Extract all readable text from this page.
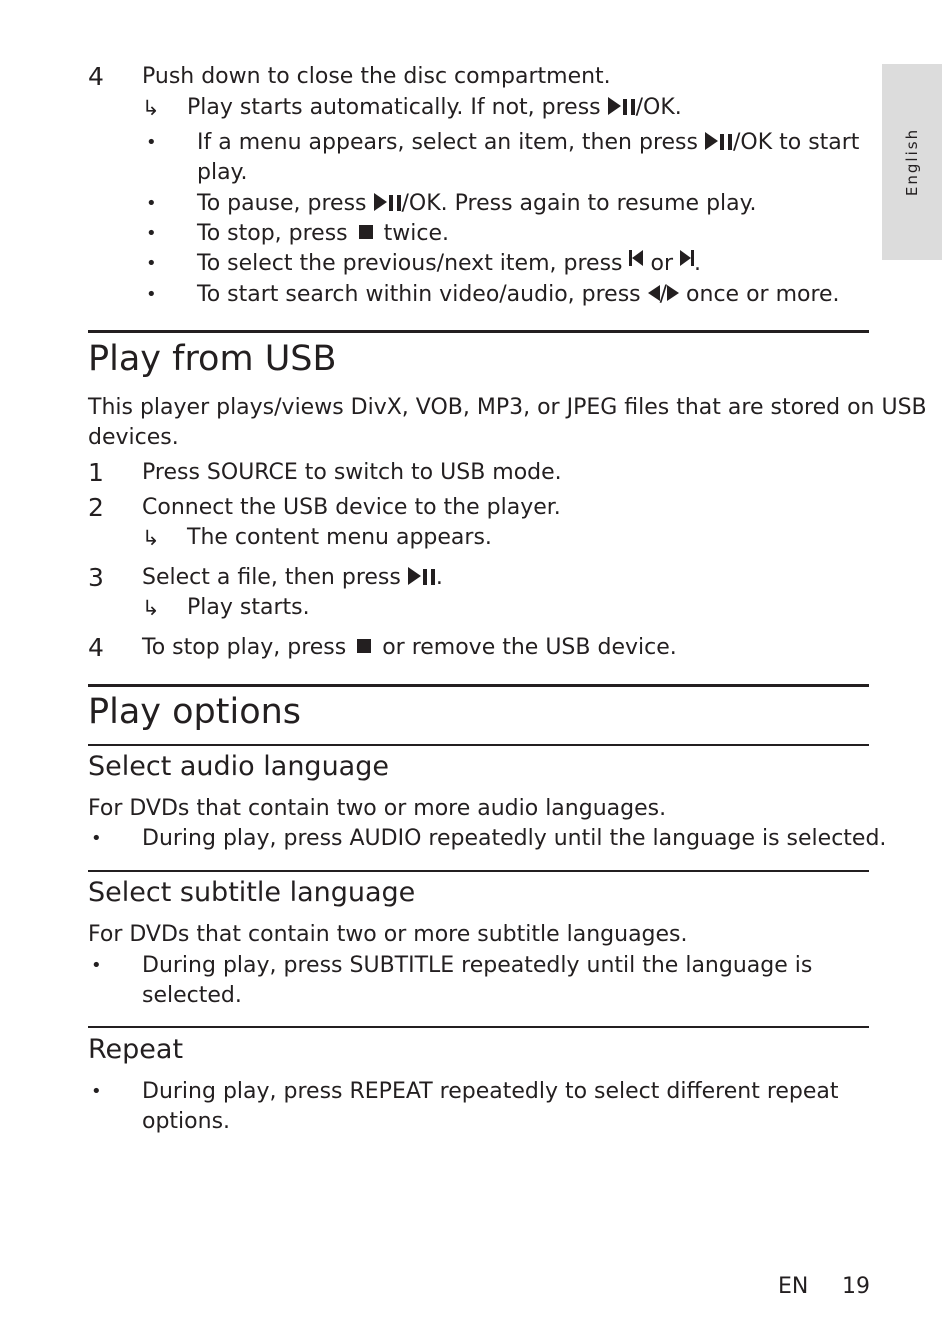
English
4 Push down to close the disc compartment.
↳ Play starts automatically. If not, press /OK.
• If a menu appears, select an item, then press /OK to start
play.
• To pause, press /OK. Press again to resume play.
• To stop, press  twice.
• To select the previous/next item, press  or .
• To start search within video/audio, press / once or more.
Play from USB
This player plays/views DivX, VOB, MP3, or JPEG files that are stored on USB
devices.
1 Press SOURCE to switch to USB mode.
2 Connect the USB device to the player.
↳ The content menu appears.
3 Select a file, then press .
↳ Play starts.
4 To stop play, press  or remove the USB device.
Play options
Select audio language
For DVDs that contain two or more audio languages.
• During play, press AUDIO repeatedly until the language is selected.
Select subtitle language
For DVDs that contain two or more subtitle languages.
• During play, press SUBTITLE repeatedly until the language is
selected.
Repeat
• During play, press REPEAT repeatedly to select different repeat
options.
EN 19
